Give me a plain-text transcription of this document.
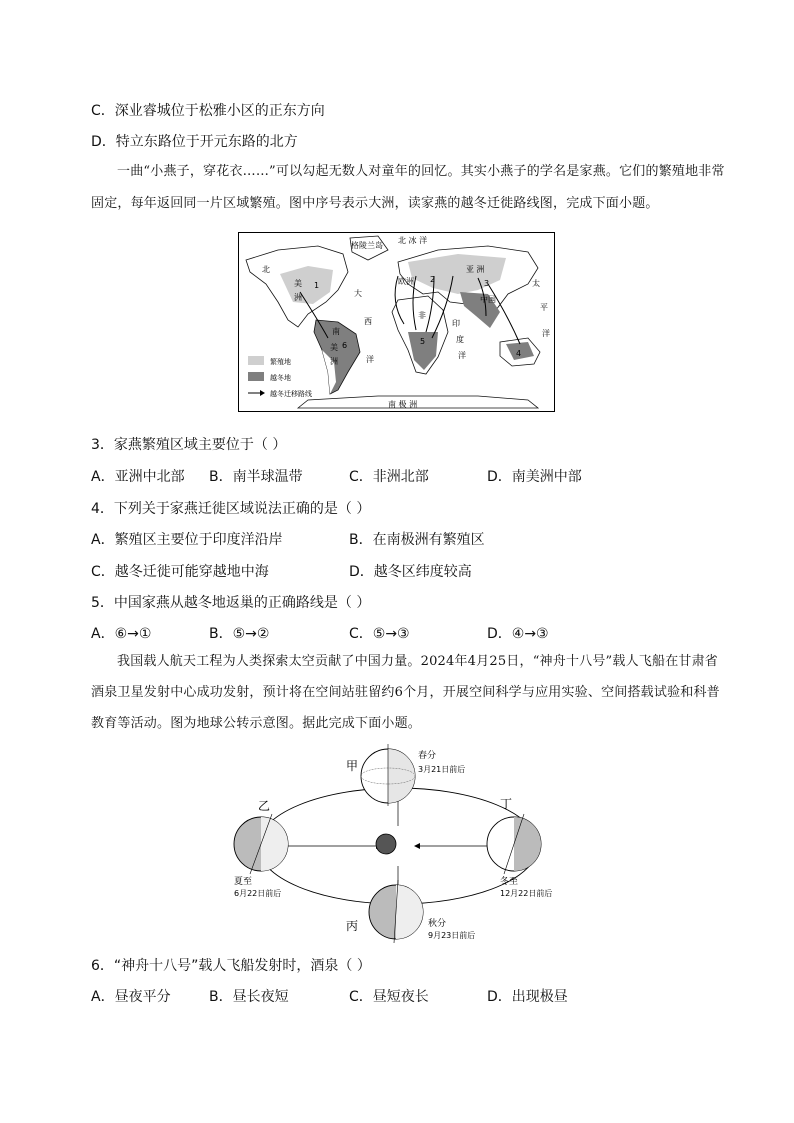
C．深业睿城位于松雅小区的正东方向
D．特立东路位于开元东路的北方
一曲“小燕子，穿花衣……”可以勾起无数人对童年的回忆。其实小燕子的学名是家燕。它们的繁殖地非常固定，每年返回同一片区域繁殖。图中序号表示大洲，读家燕的越冬迁徙路线图，完成下面小题。
格陵兰岛
北 冰 洋
北
美
洲	大
西
洋
欧洲
亚 洲
中国
非
南
美
洲
印
度
洋
太
平
洋
南 极 洲
1
2	3
4
5
6
繁殖地
越冬地
越冬迁移路线
3．家燕繁殖区域主要位于（ ）
A．亚洲中北部 B．南半球温带	C．非洲北部	D．南美洲中部
4．下列关于家燕迁徙区域说法正确的是（ ）
A．繁殖区主要位于印度洋沿岸	B．在南极洲有繁殖区
C．越冬迁徙可能穿越地中海	D．越冬区纬度较高
5．中国家燕从越冬地返巢的正确路线是（ ）
A．⑥→①	B．⑤→②	C．⑤→③	D．④→③
我国载人航天工程为人类探索太空贡献了中国力量。2024年4月25日，“神舟十八号”载人飞船在甘肃省酒泉卫星发射中心成功发射，预计将在空间站驻留约6个月，开展空间科学与应用实验、空间搭载试验和科普教育等活动。图为地球公转示意图。据此完成下面小题。
甲
乙
丙
丁
春分
3月21日前后
夏至
6月22日前后
秋分
9月23日前后
冬至
12月22日前后
6．“神舟十八号”载人飞船发射时，酒泉（ ）
A．昼夜平分	B．昼长夜短	C．昼短夜长	D．出现极昼
